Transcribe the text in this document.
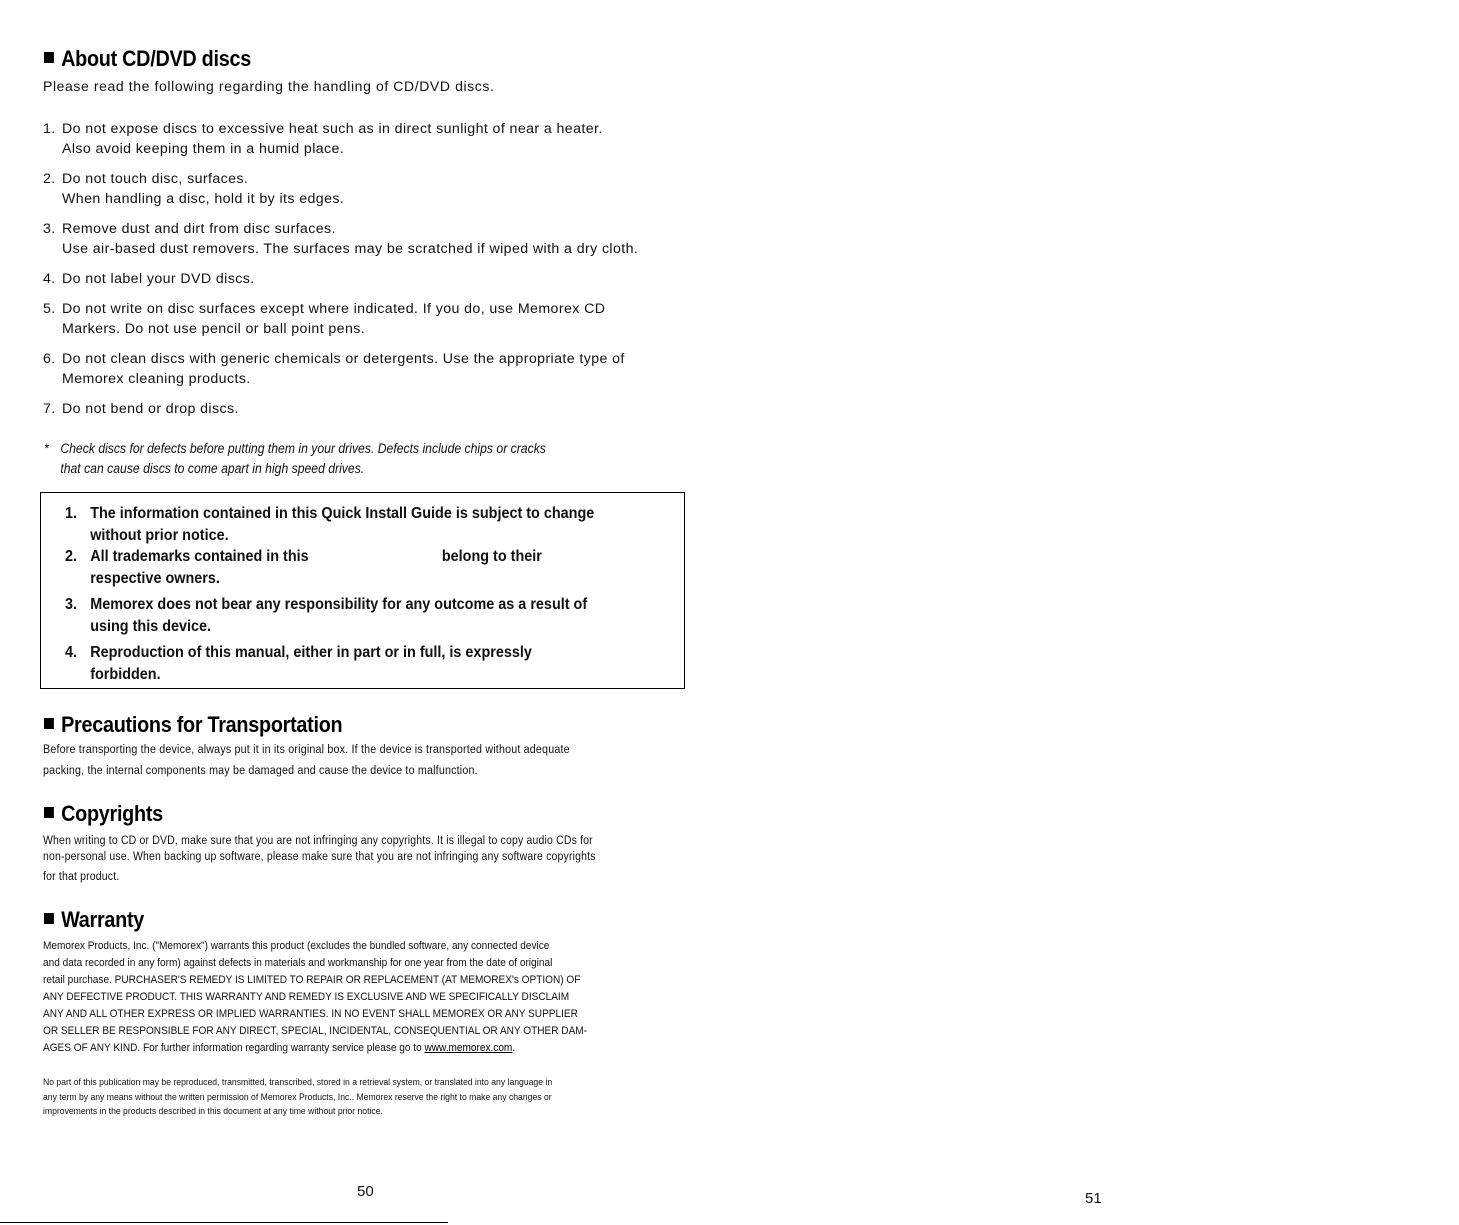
About CD/DVD discs
Please read the following regarding the handling of CD/DVD discs.
1. Do not expose discs to excessive heat such as in direct sunlight of near a heater.
Also avoid keeping them in a humid place.
2. Do not touch disc, surfaces.
When handling a disc, hold it by its edges.
3. Remove dust and dirt from disc surfaces.
Use air-based dust removers. The surfaces may be scratched if wiped with a dry cloth.
4. Do not label your DVD discs.
5. Do not write on disc surfaces except where indicated. If you do, use Memorex CD
Markers. Do not use pencil or ball point pens.
6. Do not clean discs with generic chemicals or detergents. Use the appropriate type of
Memorex cleaning products.
7. Do not bend or drop discs.
* Check discs for defects before putting them in your drives. Defects include chips or cracks
that can cause discs to come apart in high speed drives.
1. The information contained in this Quick Install Guide is subject to change
without prior notice.
2. All trademarks contained in this	belong to their
respective owners.
3. Memorex does not bear any responsibility for any outcome as a result of
using this device.
4. Reproduction of this manual, either in part or in full, is expressly
forbidden.
Precautions for Transportation
Before transporting the device, always put it in its original box. If the device is transported without adequate
packing, the internal components may be damaged and cause the device to malfunction.
Copyrights
When writing to CD or DVD, make sure that you are not infringing any copyrights. It is illegal to copy audio CDs for
non-personal use. When backing up software, please make sure that you are not infringing any software copyrights
for that product.
Warranty
Memorex Products, Inc. ("Memorex") warrants this product (excludes the bundled software, any connected device
and data recorded in any form) against defects in materials and workmanship for one year from the date of original
retail purchase. PURCHASER'S REMEDY IS LIMITED TO REPAIR OR REPLACEMENT (AT MEMOREX's OPTION) OF
ANY DEFECTIVE PRODUCT. THIS WARRANTY AND REMEDY IS EXCLUSIVE AND WE SPECIFICALLY DISCLAIM
ANY AND ALL OTHER EXPRESS OR IMPLIED WARRANTIES. IN NO EVENT SHALL MEMOREX OR ANY SUPPLIER
OR SELLER BE RESPONSIBLE FOR ANY DIRECT, SPECIAL, INCIDENTAL, CONSEQUENTIAL OR ANY OTHER DAM-
AGES OF ANY KIND. For further information regarding warranty service please go to www.memorex.com.
No part of this publication may be reproduced, transmitted, transcribed, stored in a retrieval system, or translated into any language in
any term by any means without the written permission of Memorex Products, Inc.. Memorex reserve the right to make any changes or
improvements in the products described in this document at any time without prior notice.
50	51
